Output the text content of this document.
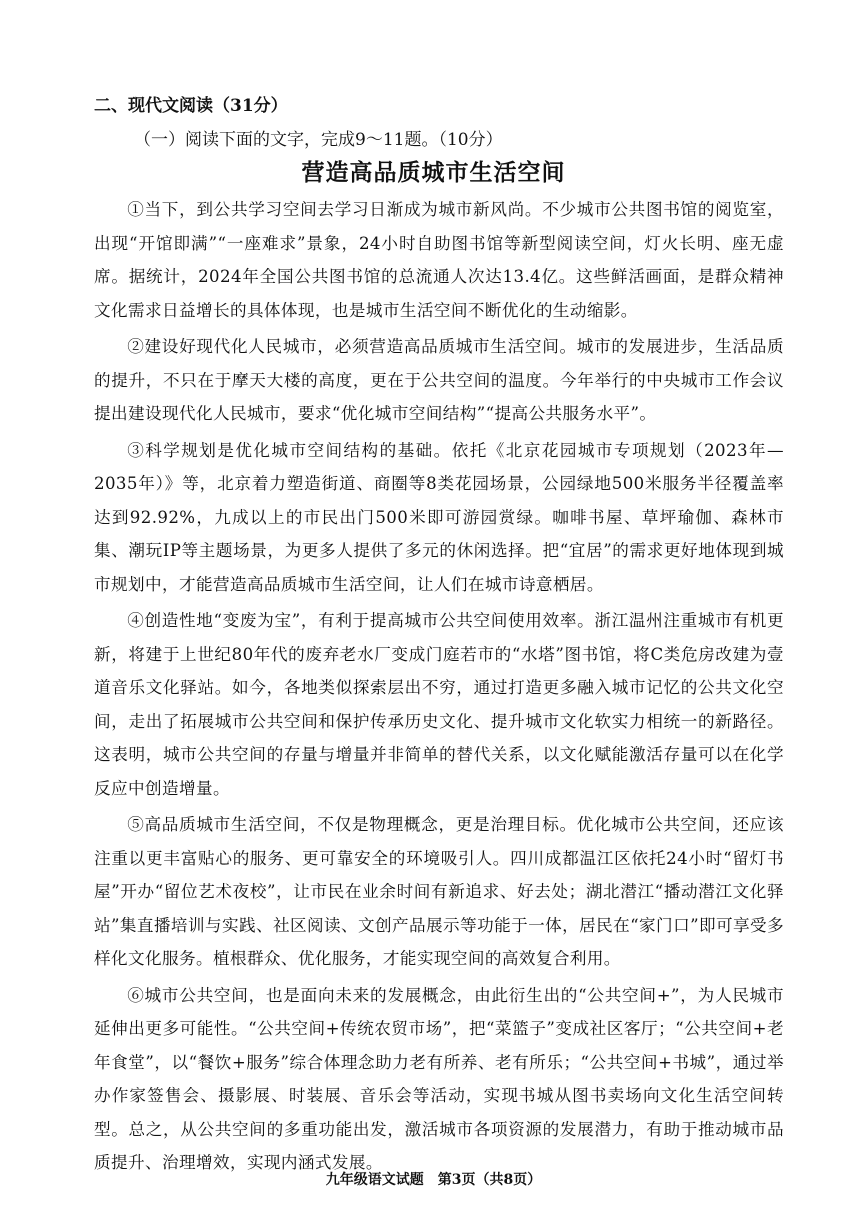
二、现代文阅读（31分）
（一）阅读下面的文字，完成9～11题。（10分）
营造高品质城市生活空间

①当下，到公共学习空间去学习日渐成为城市新风尚。不少城市公共图书馆的阅览室，出现“开馆即满”“一座难求”景象，24小时自助图书馆等新型阅读空间，灯火长明、座无虚席。据统计，2024年全国公共图书馆的总流通人次达13.4亿。这些鲜活画面，是群众精神文化需求日益增长的具体体现，也是城市生活空间不断优化的生动缩影。

②建设好现代化人民城市，必须营造高品质城市生活空间。城市的发展进步，生活品质的提升，不只在于摩天大楼的高度，更在于公共空间的温度。今年举行的中央城市工作会议提出建设现代化人民城市，要求“优化城市空间结构”“提高公共服务水平”。

③科学规划是优化城市空间结构的基础。依托《北京花园城市专项规划（2023年—2035年）》等，北京着力塑造街道、商圈等8类花园场景，公园绿地500米服务半径覆盖率达到92.92%，九成以上的市民出门500米即可游园赏绿。咖啡书屋、草坪瑜伽、森林市集、潮玩IP等主题场景，为更多人提供了多元的休闲选择。把“宜居”的需求更好地体现到城市规划中，才能营造高品质城市生活空间，让人们在城市诗意栖居。

④创造性地“变废为宝”，有利于提高城市公共空间使用效率。浙江温州注重城市有机更新，将建于上世纪80年代的废弃老水厂变成门庭若市的“水塔”图书馆，将C类危房改建为壹道音乐文化驿站。如今，各地类似探索层出不穷，通过打造更多融入城市记忆的公共文化空间，走出了拓展城市公共空间和保护传承历史文化、提升城市文化软实力相统一的新路径。这表明，城市公共空间的存量与增量并非简单的替代关系，以文化赋能激活存量可以在化学反应中创造增量。

⑤高品质城市生活空间，不仅是物理概念，更是治理目标。优化城市公共空间，还应该注重以更丰富贴心的服务、更可靠安全的环境吸引人。四川成都温江区依托24小时“留灯书屋”开办“留位艺术夜校”，让市民在业余时间有新追求、好去处；湖北潜江“播动潜江文化驿站”集直播培训与实践、社区阅读、文创产品展示等功能于一体，居民在“家门口”即可享受多样化文化服务。植根群众、优化服务，才能实现空间的高效复合利用。

⑥城市公共空间，也是面向未来的发展概念，由此衍生出的“公共空间+”，为人民城市延伸出更多可能性。“公共空间+传统农贸市场”，把“菜篮子”变成社区客厅；“公共空间+老年食堂”，以“餐饮+服务”综合体理念助力老有所养、老有所乐；“公共空间+书城”，通过举办作家签售会、摄影展、时装展、音乐会等活动，实现书城从图书卖场向文化生活空间转型。总之，从公共空间的多重功能出发，激活城市各项资源的发展潜力，有助于推动城市品质提升、治理增效，实现内涵式发展。

九年级语文试题　第3页（共8页）
